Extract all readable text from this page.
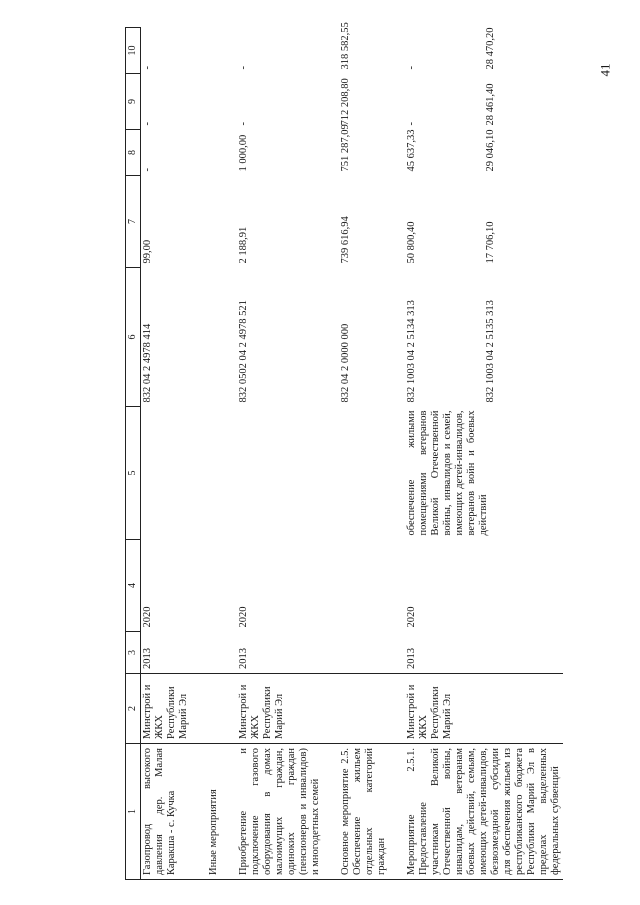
41
1	2	3	4	5	6	7	8	9	10
Газопровод высокого давления дер. Малая Каракша - с. Кучка	Минстрой и ЖКХ Республики Марий Эл	2013	2020		832 04 2 4978 414	99,00	-	-	-

Иные мероприятия									

Приобретение и подключение газового оборудования в домах малоимущих граждан, одиноких граждан (пенсионеров и инвалидов) и многодетных семей	Минстрой и ЖКХ Республики Марий Эл	2013	2020		832 0502 04 2 4978 521	2 188,91	1 000,00	-	-

Основное мероприятие 2.5. Обеспечение жильем отдельных категорий граждан					832 04 2 0000 000	739 616,94	751 287,09	712 208,80	318 582,55

Мероприятие 2.5.1. Предоставление участникам Великой Отечественной войны, инвалидам, ветеранам боевых действий, семьям, имеющих детей-инвалидов, безвозмездной субсидии для обеспечения жильем из республиканского бюджета Республики Марий Эл в пределах выделенных федеральных субвенций	Минстрой и ЖКХ Республики Марий Эл	2013	2020	обеспечение жилыми помещениями ветеранов Великой Отечественной войны, инвалидов и семей, имеющих детей-инвалидов, ветеранов войн и боевых действий	832 1003 04 2 5134 313	50 800,40	45 637,33	-	-
					832 1003 04 2 5135 313	17 706,10	29 046,10	28 461,40	28 470,20
